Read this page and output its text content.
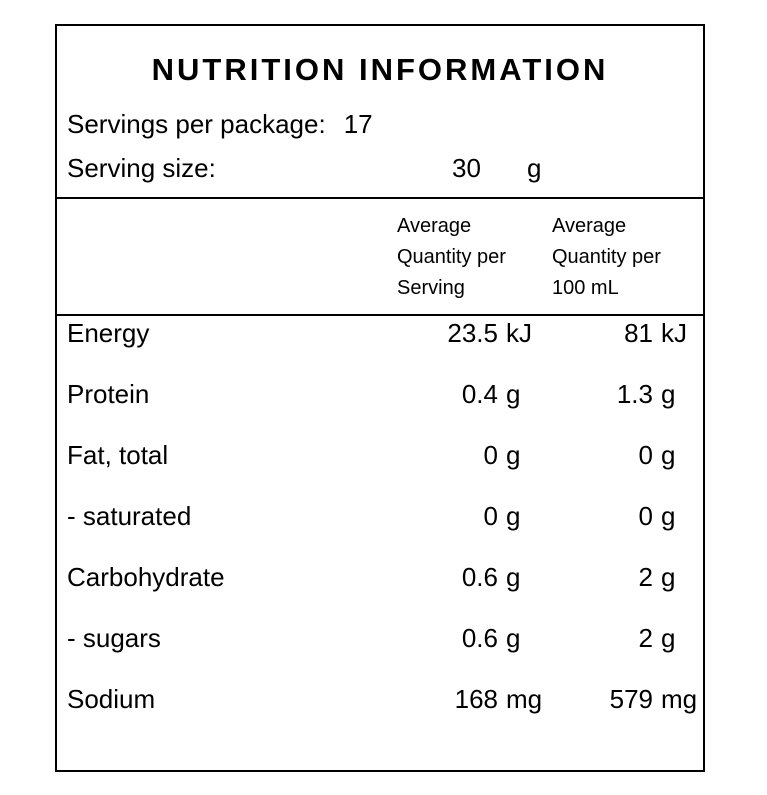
NUTRITION INFORMATION
Servings per package: 17
Serving size:	30 g
Average
Quantity per
Serving
Average
Quantity per
100 mL
Energy	23.5 kJ	81 kJ
Protein	0.4 g	1.3 g
Fat, total	0 g	0 g
- saturated	0 g	0 g
Carbohydrate	0.6 g	2 g
- sugars	0.6 g	2 g
Sodium	168 mg	579 mg
